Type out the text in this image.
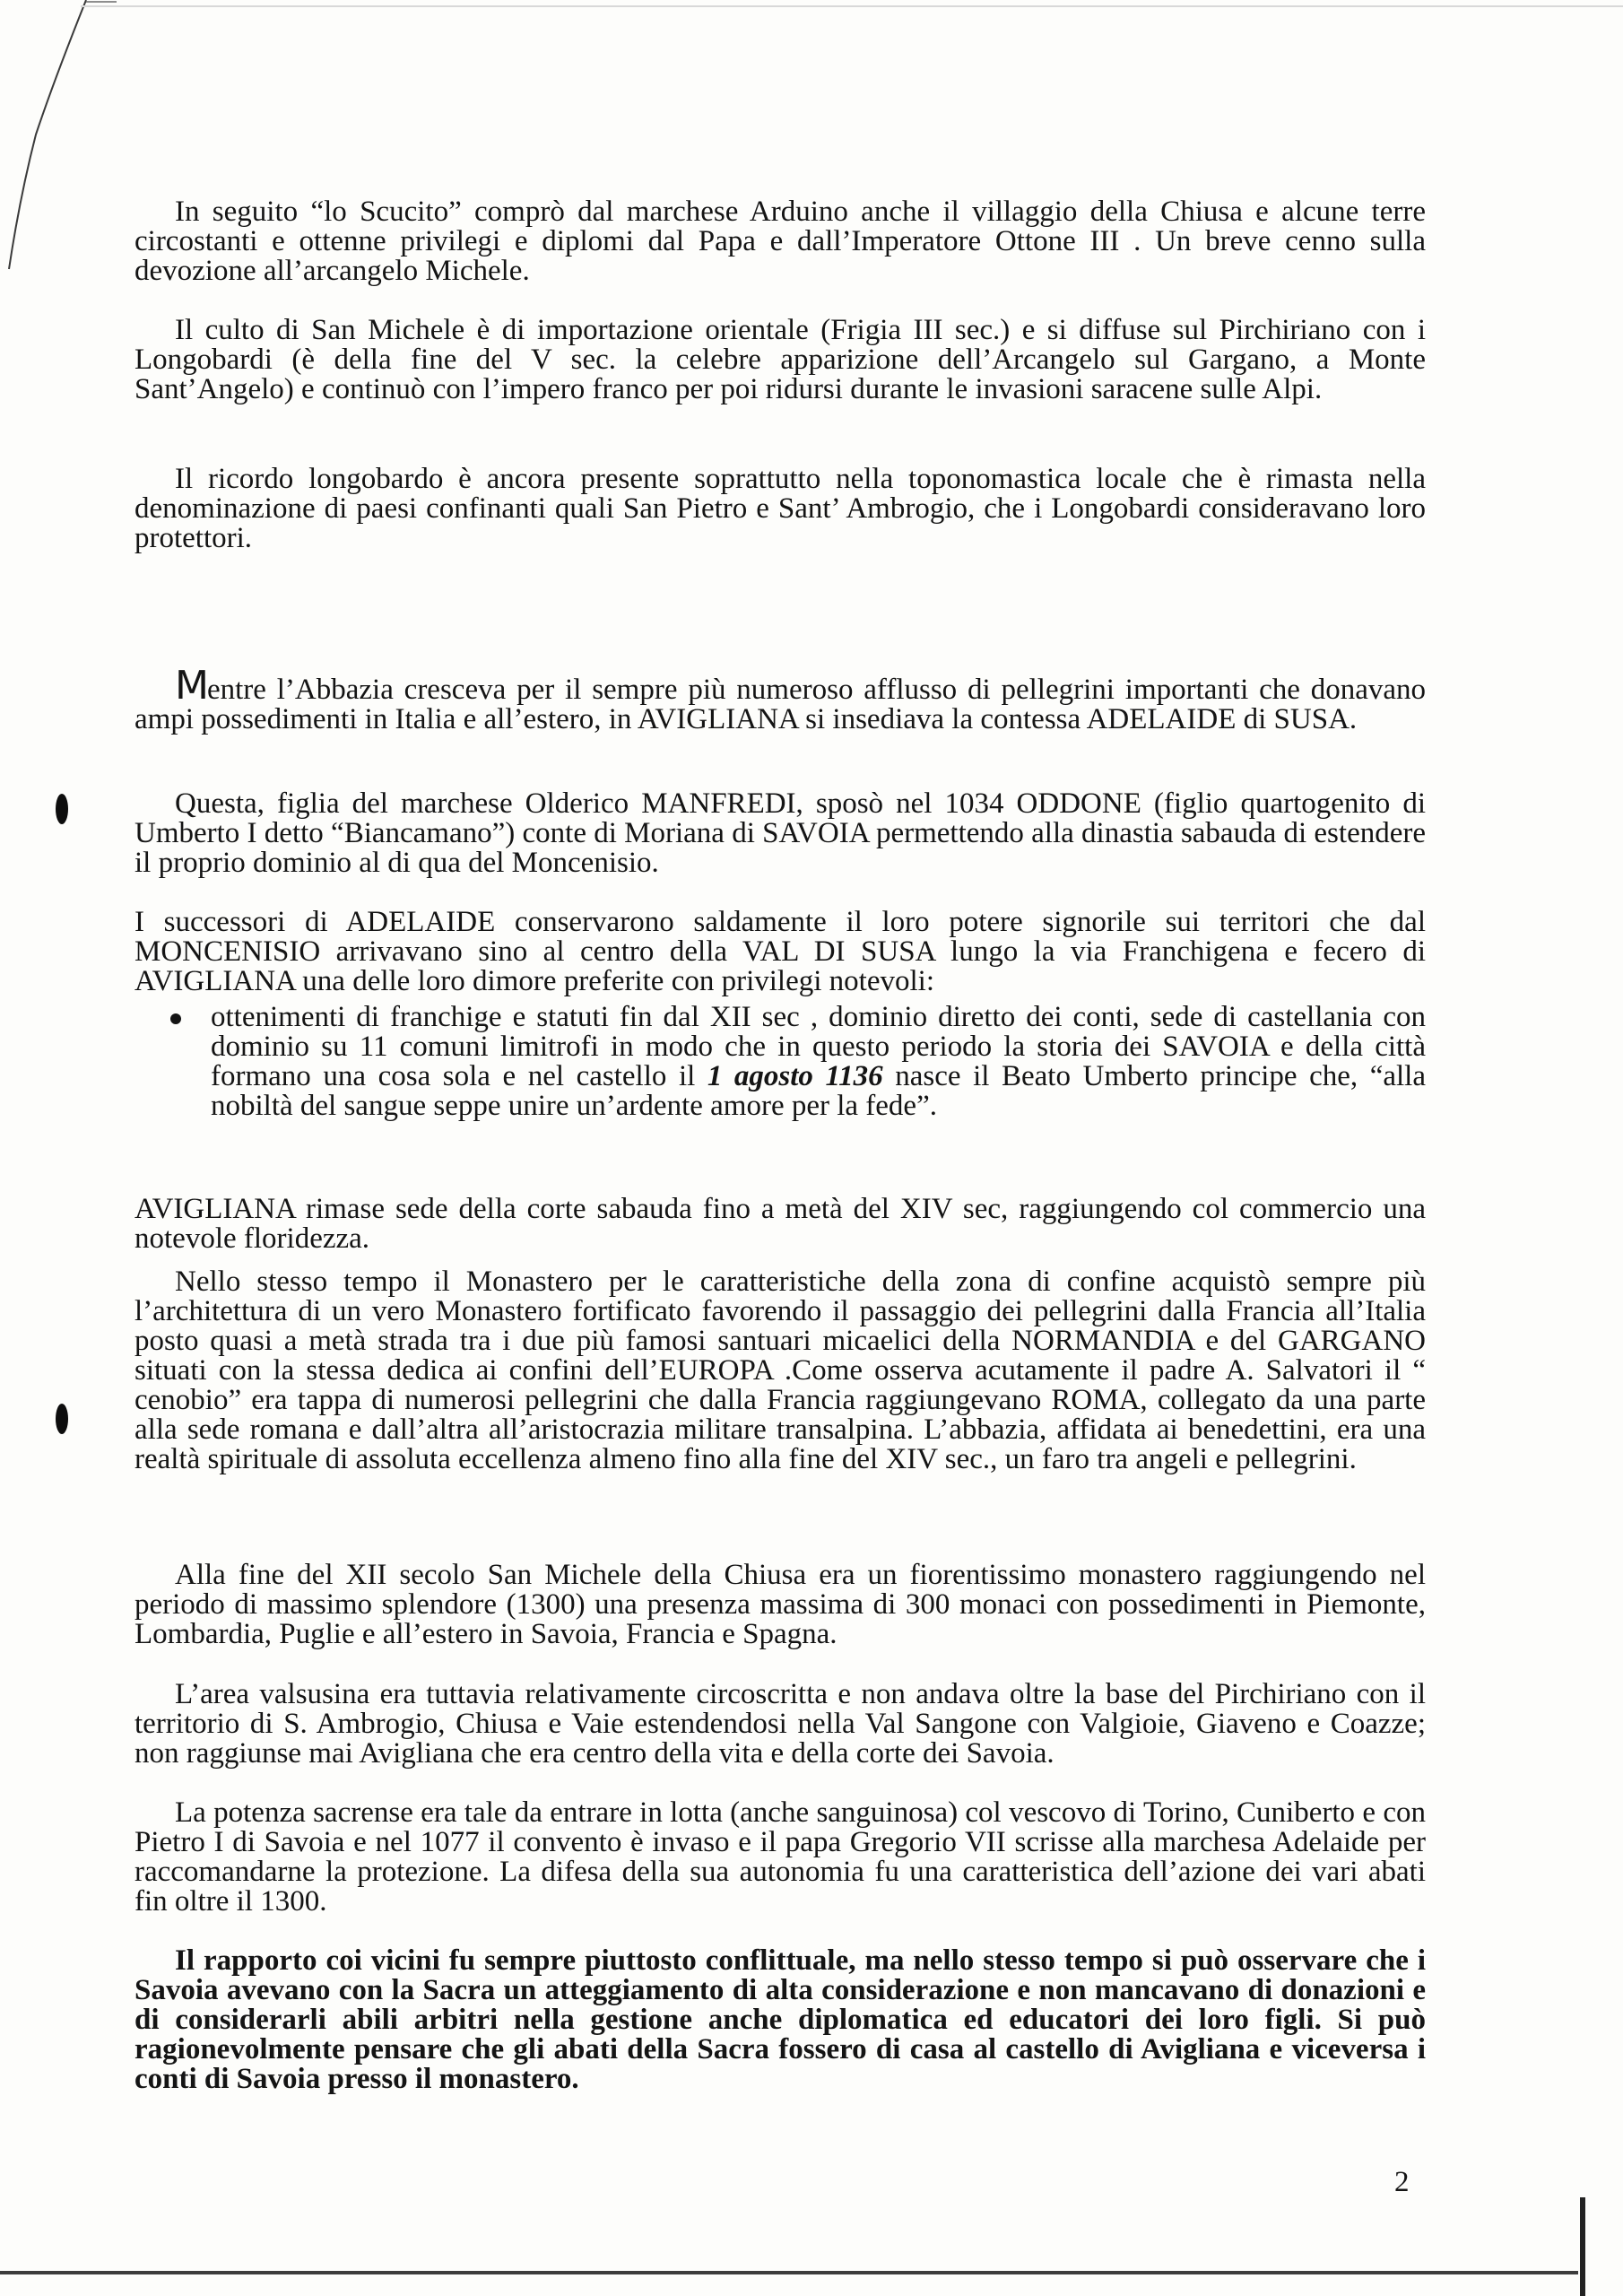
In seguito “lo Scucito” comprò dal marchese Arduino anche il villaggio della Chiusa e alcune terre circostanti e ottenne privilegi e diplomi dal Papa e dall’Imperatore Ottone III . Un breve cenno sulla devozione all’arcangelo Michele.

Il culto di San Michele è di importazione orientale (Frigia III sec.) e si diffuse sul Pirchiriano con i Longobardi (è della fine del V sec. la celebre apparizione dell’Arcangelo sul Gargano, a Monte Sant’Angelo) e continuò con l’impero franco per poi ridursi durante le invasioni saracene sulle Alpi.

Il ricordo longobardo è ancora presente soprattutto nella toponomastica locale che è rimasta nella denominazione di paesi confinanti quali San Pietro e Sant’ Ambrogio, che i Longobardi consideravano loro protettori.

Mentre l’Abbazia cresceva per il sempre più numeroso afflusso di pellegrini importanti che donavano ampi possedimenti in Italia e all’estero, in AVIGLIANA si insediava la contessa ADELAIDE di SUSA.

Questa, figlia del marchese Olderico MANFREDI, sposò nel 1034 ODDONE (figlio quartogenito di Umberto I detto “Biancamano”) conte di Moriana di SAVOIA permettendo alla dinastia sabauda di estendere il proprio dominio al di qua del Moncenisio.

I successori di ADELAIDE conservarono saldamente il loro potere signorile sui territori che dal MONCENISIO arrivavano sino al centro della VAL DI SUSA lungo la via Franchigena e fecero di AVIGLIANA una delle loro dimore preferite con privilegi notevoli:

ottenimenti di franchige e statuti fin dal XII sec , dominio diretto dei conti, sede di castellania con dominio su 11 comuni limitrofi in modo che in questo periodo la storia dei SAVOIA e della città formano una cosa sola e nel castello il 1 agosto 1136 nasce il Beato Umberto principe che, “alla nobiltà del sangue seppe unire un’ardente amore per la fede”.

AVIGLIANA rimase sede della corte sabauda fino a metà del XIV sec, raggiungendo col commercio una notevole floridezza.

Nello stesso tempo il Monastero per le caratteristiche della zona di confine acquistò sempre più l’architettura di un vero Monastero fortificato favorendo il passaggio dei pellegrini dalla Francia all’Italia posto quasi a metà strada tra i due più famosi santuari micaelici della NORMANDIA e del GARGANO situati con la stessa dedica ai confini dell’EUROPA .Come osserva acutamente il padre A. Salvatori il “ cenobio” era tappa di numerosi pellegrini che dalla Francia raggiungevano ROMA, collegato da una parte alla sede romana e dall’altra all’aristocrazia militare transalpina. L’abbazia, affidata ai benedettini, era una realtà spirituale di assoluta eccellenza almeno fino alla fine del XIV sec., un faro tra angeli e pellegrini.

Alla fine del XII secolo San Michele della Chiusa era un fiorentissimo monastero raggiungendo nel periodo di massimo splendore (1300) una presenza massima di 300 monaci con possedimenti in Piemonte, Lombardia, Puglie e all’estero in Savoia, Francia e Spagna.

L’area valsusina era tuttavia relativamente circoscritta e non andava oltre la base del Pirchiriano con il territorio di S. Ambrogio, Chiusa e Vaie estendendosi nella Val Sangone con Valgioie, Giaveno e Coazze; non raggiunse mai Avigliana che era centro della vita e della corte dei Savoia.

La potenza sacrense era tale da entrare in lotta (anche sanguinosa) col vescovo di Torino, Cuniberto e con Pietro I di Savoia e nel 1077 il convento è invaso e il papa Gregorio VII scrisse alla marchesa Adelaide per raccomandarne la protezione. La difesa della sua autonomia fu una caratteristica dell’azione dei vari abati fin oltre il 1300.

Il rapporto coi vicini fu sempre piuttosto conflittuale, ma nello stesso tempo si può osservare che i Savoia avevano con la Sacra un atteggiamento di alta considerazione e non mancavano di donazioni e di considerarli abili arbitri nella gestione anche diplomatica ed educatori dei loro figli. Si può ragionevolmente pensare che gli abati della Sacra fossero di casa al castello di Avigliana e viceversa i conti di Savoia presso il monastero.

2
